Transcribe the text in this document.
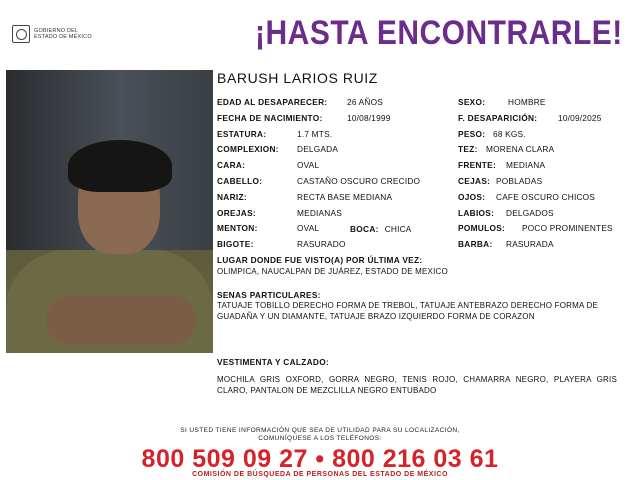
GOBIERNO DEL
ESTADO DE MÉXICO	¡HASTA ENCONTRARLE!
BARUSH LARIOS RUIZ
EDAD AL DESAPARECER: 26 AÑOS
FECHA DE NACIMIENTO:	10/08/1999
ESTATURA:	1.7 MTS.
COMPLEXION: DELGADA
CARA:	OVAL
CABELLO:	CASTAÑO OSCURO CRECIDO
NARIZ:	RECTA BASE MEDIANA
OREJAS:	MEDIANAS
MENTON:	OVAL
BIGOTE:	RASURADO
SEXO:	HOMBRE
F. DESAPARICIÓN: 10/09/2025
PESO: 68 KGS.
TEZ: MORENA CLARA
FRENTE: MEDIANA
CEJAS: POBLADAS
OJOS: CAFE OSCURO CHICOS
LABIOS: DELGADOS
POMULOS: POCO PROMINENTES
BARBA: RASURADA
BOCA: CHICA
LUGAR DONDE FUE VISTO(A) POR ÚLTIMA VEZ:
OLIMPICA, NAUCALPAN DE JUÁREZ, ESTADO DE MEXICO
SENAS PARTICULARES:
TATUAJE TOBILLO DERECHO FORMA DE TREBOL, TATUAJE ANTEBRAZO DERECHO FORMA DE GUADAÑA Y UN DIAMANTE, TATUAJE BRAZO IZQUIERDO FORMA DE CORAZON
VESTIMENTA Y CALZADO:
MOCHILA GRIS OXFORD, GORRA NEGRO, TENIS ROJO, CHAMARRA NEGRO, PLAYERA GRIS CLARO, PANTALON DE MEZCLILLA NEGRO ENTUBADO
SI USTED TIENE INFORMACIÓN QUE SEA DE UTILIDAD PARA SU LOCALIZACIÓN,
COMUNÍQUESE A LOS TELÉFONOS:
800 509 09 27 • 800 216 03 61
COMISIÓN DE BÚSQUEDA DE PERSONAS DEL ESTADO DE MÉXICO
